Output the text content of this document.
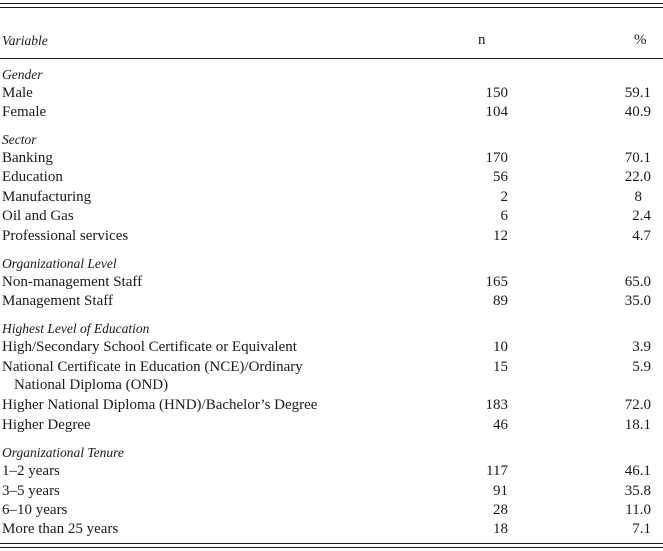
Variable	n	%
Gender
Male	150	59.1
Female	104	40.9
Sector
Banking	170	70.1
Education	56	22.0
Manufacturing	2	8
Oil and Gas	6	2.4
Professional services	12	4.7
Organizational Level
Non-management Staff	165	65.0
Management Staff	89	35.0
Highest Level of Education
High/Secondary School Certificate or Equivalent	10	3.9
National Certificate in Education (NCE)/Ordinary	15	5.9
National Diploma (OND)
Higher National Diploma (HND)/Bachelor’s Degree	183	72.0
Higher Degree	46	18.1
Organizational Tenure
1–2 years	117	46.1
3–5 years	91	35.8
6–10 years	28	11.0
More than 25 years	18	7.1
